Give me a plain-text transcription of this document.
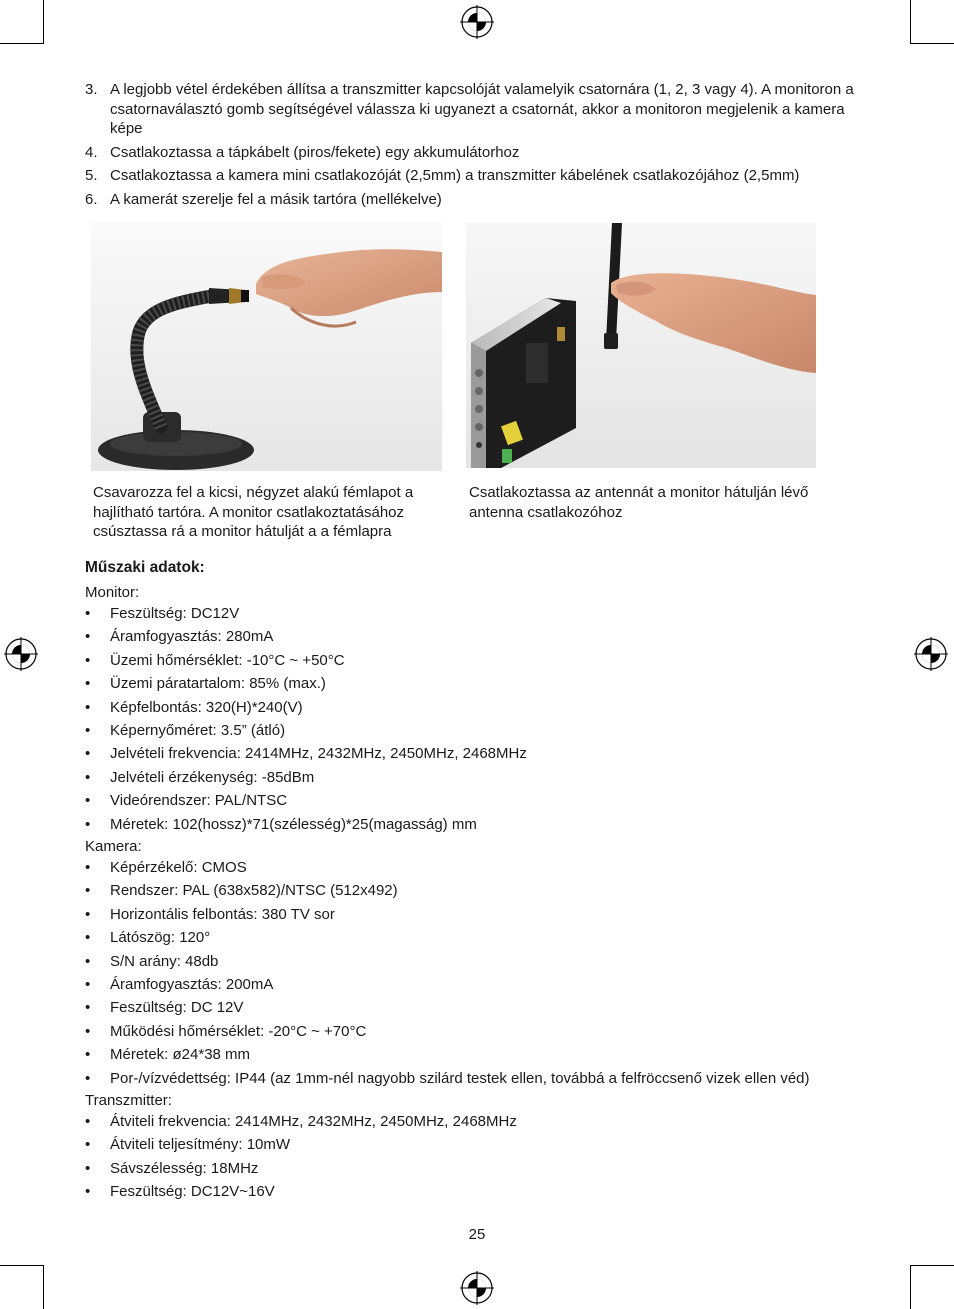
3. A legjobb vétel érdekében állítsa a transzmitter kapcsolóját valamelyik csatornára (1, 2, 3 vagy 4). A monitoron a csatornaválasztó gomb segítségével válassza ki ugyanezt a csatornát, akkor a monitoron megjelenik a kamera képe
4. Csatlakoztassa a tápkábelt (piros/fekete) egy akkumulátorhoz
5. Csatlakoztassa a kamera mini csatlakozóját (2,5mm) a transzmitter kábelének csatlakozójához (2,5mm)
6. A kamerát szerelje fel a másik tartóra (mellékelve)
Csavarozza fel a kicsi, négyzet alakú fémlapot a hajlítható tartóra. A monitor csatlakoztatásához csúsztassa rá a monitor hátulját a a fémlapra
Csatlakoztassa az antennát a monitor hátulján lévő antenna csatlakozóhoz
Műszaki adatok:
Monitor:
•	Feszültség: DC12V
•	Áramfogyasztás: 280mA
•	Üzemi hőmérséklet: -10°C ~ +50°C
•	Üzemi páratartalom: 85% (max.)
•	Képfelbontás: 320(H)*240(V)
•	Képernyőméret: 3.5” (átló)
•	Jelvételi frekvencia: 2414MHz, 2432MHz, 2450MHz, 2468MHz
•	Jelvételi érzékenység: -85dBm
•	Videórendszer: PAL/NTSC
•	Méretek: 102(hossz)*71(szélesség)*25(magasság) mm
Kamera:
•	Képérzékelő: CMOS
•	Rendszer: PAL (638x582)/NTSC (512x492)
•	Horizontális felbontás: 380 TV sor
•	Látószög: 120°
•	S/N arány: 48db
•	Áramfogyasztás: 200mA
•	Feszültség: DC 12V
•	Működési hőmérséklet: -20°C ~ +70°C
•	Méretek: ø24*38 mm
•	Por-/vízvédettség: IP44 (az 1mm-nél nagyobb szilárd testek ellen, továbbá a felfröccsenő vizek ellen véd)
Transzmitter:
•	Átviteli frekvencia: 2414MHz, 2432MHz, 2450MHz, 2468MHz
•	Átviteli teljesítmény: 10mW
•	Sávszélesség: 18MHz
•	Feszültség: DC12V~16V
25
